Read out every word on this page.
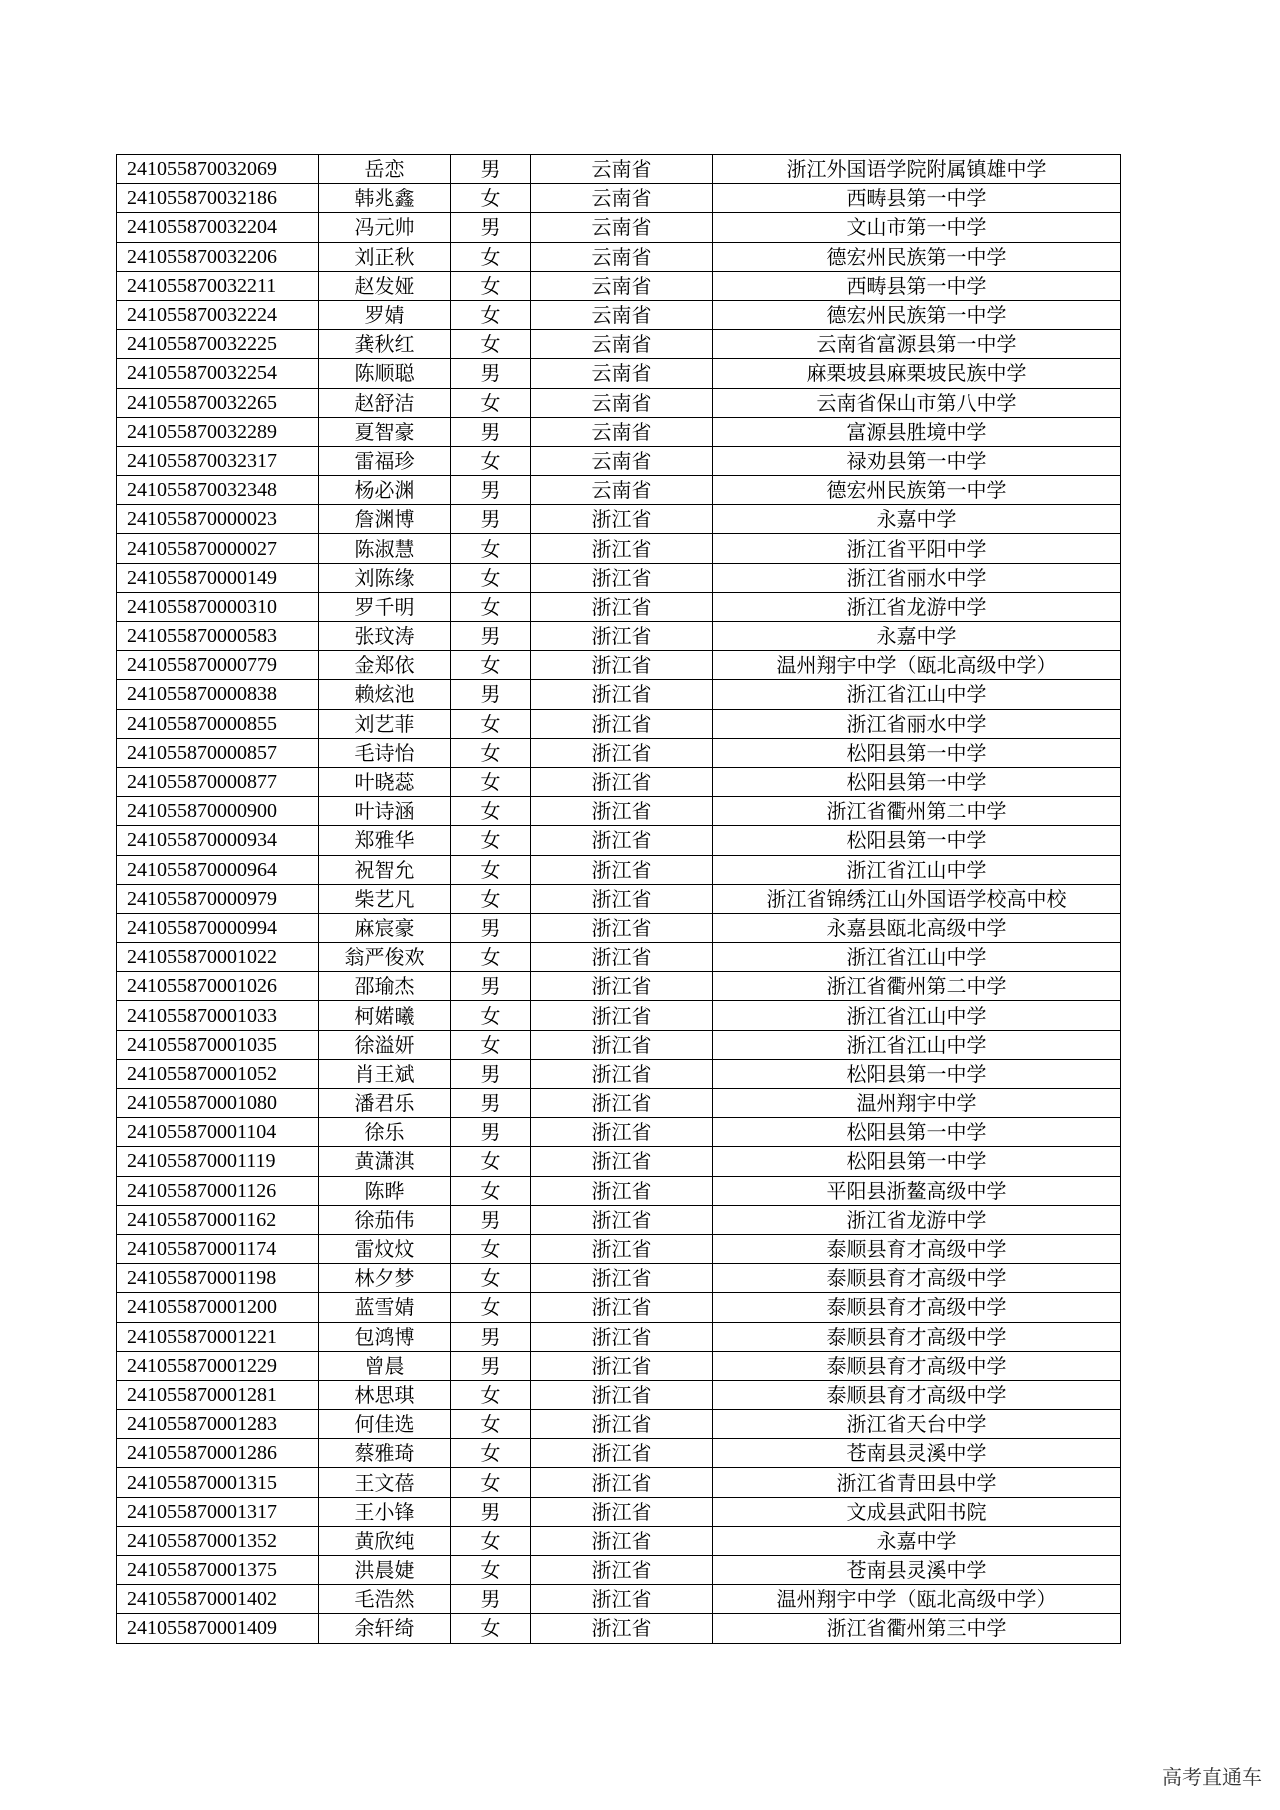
241055870032069	岳恋	男	云南省	浙江外国语学院附属镇雄中学
241055870032186	韩兆鑫	女	云南省	西畴县第一中学
241055870032204	冯元帅	男	云南省	文山市第一中学
241055870032206	刘正秋	女	云南省	德宏州民族第一中学
241055870032211	赵发娅	女	云南省	西畴县第一中学
241055870032224	罗婧	女	云南省	德宏州民族第一中学
241055870032225	龚秋红	女	云南省	云南省富源县第一中学
241055870032254	陈顺聪	男	云南省	麻栗坡县麻栗坡民族中学
241055870032265	赵舒洁	女	云南省	云南省保山市第八中学
241055870032289	夏智豪	男	云南省	富源县胜境中学
241055870032317	雷福珍	女	云南省	禄劝县第一中学
241055870032348	杨必渊	男	云南省	德宏州民族第一中学
241055870000023	詹渊博	男	浙江省	永嘉中学
241055870000027	陈淑慧	女	浙江省	浙江省平阳中学
241055870000149	刘陈缘	女	浙江省	浙江省丽水中学
241055870000310	罗千明	女	浙江省	浙江省龙游中学
241055870000583	张玟涛	男	浙江省	永嘉中学
241055870000779	金郑依	女	浙江省	温州翔宇中学（瓯北高级中学）
241055870000838	赖炫池	男	浙江省	浙江省江山中学
241055870000855	刘艺菲	女	浙江省	浙江省丽水中学
241055870000857	毛诗怡	女	浙江省	松阳县第一中学
241055870000877	叶晓蕊	女	浙江省	松阳县第一中学
241055870000900	叶诗涵	女	浙江省	浙江省衢州第二中学
241055870000934	郑雅华	女	浙江省	松阳县第一中学
241055870000964	祝智允	女	浙江省	浙江省江山中学
241055870000979	柴艺凡	女	浙江省	浙江省锦绣江山外国语学校高中校
241055870000994	麻宸豪	男	浙江省	永嘉县瓯北高级中学
241055870001022	翁严俊欢	女	浙江省	浙江省江山中学
241055870001026	邵瑜杰	男	浙江省	浙江省衢州第二中学
241055870001033	柯婼曦	女	浙江省	浙江省江山中学
241055870001035	徐溢妍	女	浙江省	浙江省江山中学
241055870001052	肖王斌	男	浙江省	松阳县第一中学
241055870001080	潘君乐	男	浙江省	温州翔宇中学
241055870001104	徐乐	男	浙江省	松阳县第一中学
241055870001119	黄潇淇	女	浙江省	松阳县第一中学
241055870001126	陈晔	女	浙江省	平阳县浙鳌高级中学
241055870001162	徐茄伟	男	浙江省	浙江省龙游中学
241055870001174	雷炆炆	女	浙江省	泰顺县育才高级中学
241055870001198	林夕梦	女	浙江省	泰顺县育才高级中学
241055870001200	蓝雪婧	女	浙江省	泰顺县育才高级中学
241055870001221	包鸿博	男	浙江省	泰顺县育才高级中学
241055870001229	曾晨	男	浙江省	泰顺县育才高级中学
241055870001281	林思琪	女	浙江省	泰顺县育才高级中学
241055870001283	何佳选	女	浙江省	浙江省天台中学
241055870001286	蔡雅琦	女	浙江省	苍南县灵溪中学
241055870001315	王文蓓	女	浙江省	浙江省青田县中学
241055870001317	王小锋	男	浙江省	文成县武阳书院
241055870001352	黄欣纯	女	浙江省	永嘉中学
241055870001375	洪晨婕	女	浙江省	苍南县灵溪中学
241055870001402	毛浩然	男	浙江省	温州翔宇中学（瓯北高级中学）
241055870001409	余轩绮	女	浙江省	浙江省衢州第三中学
高考直通车
